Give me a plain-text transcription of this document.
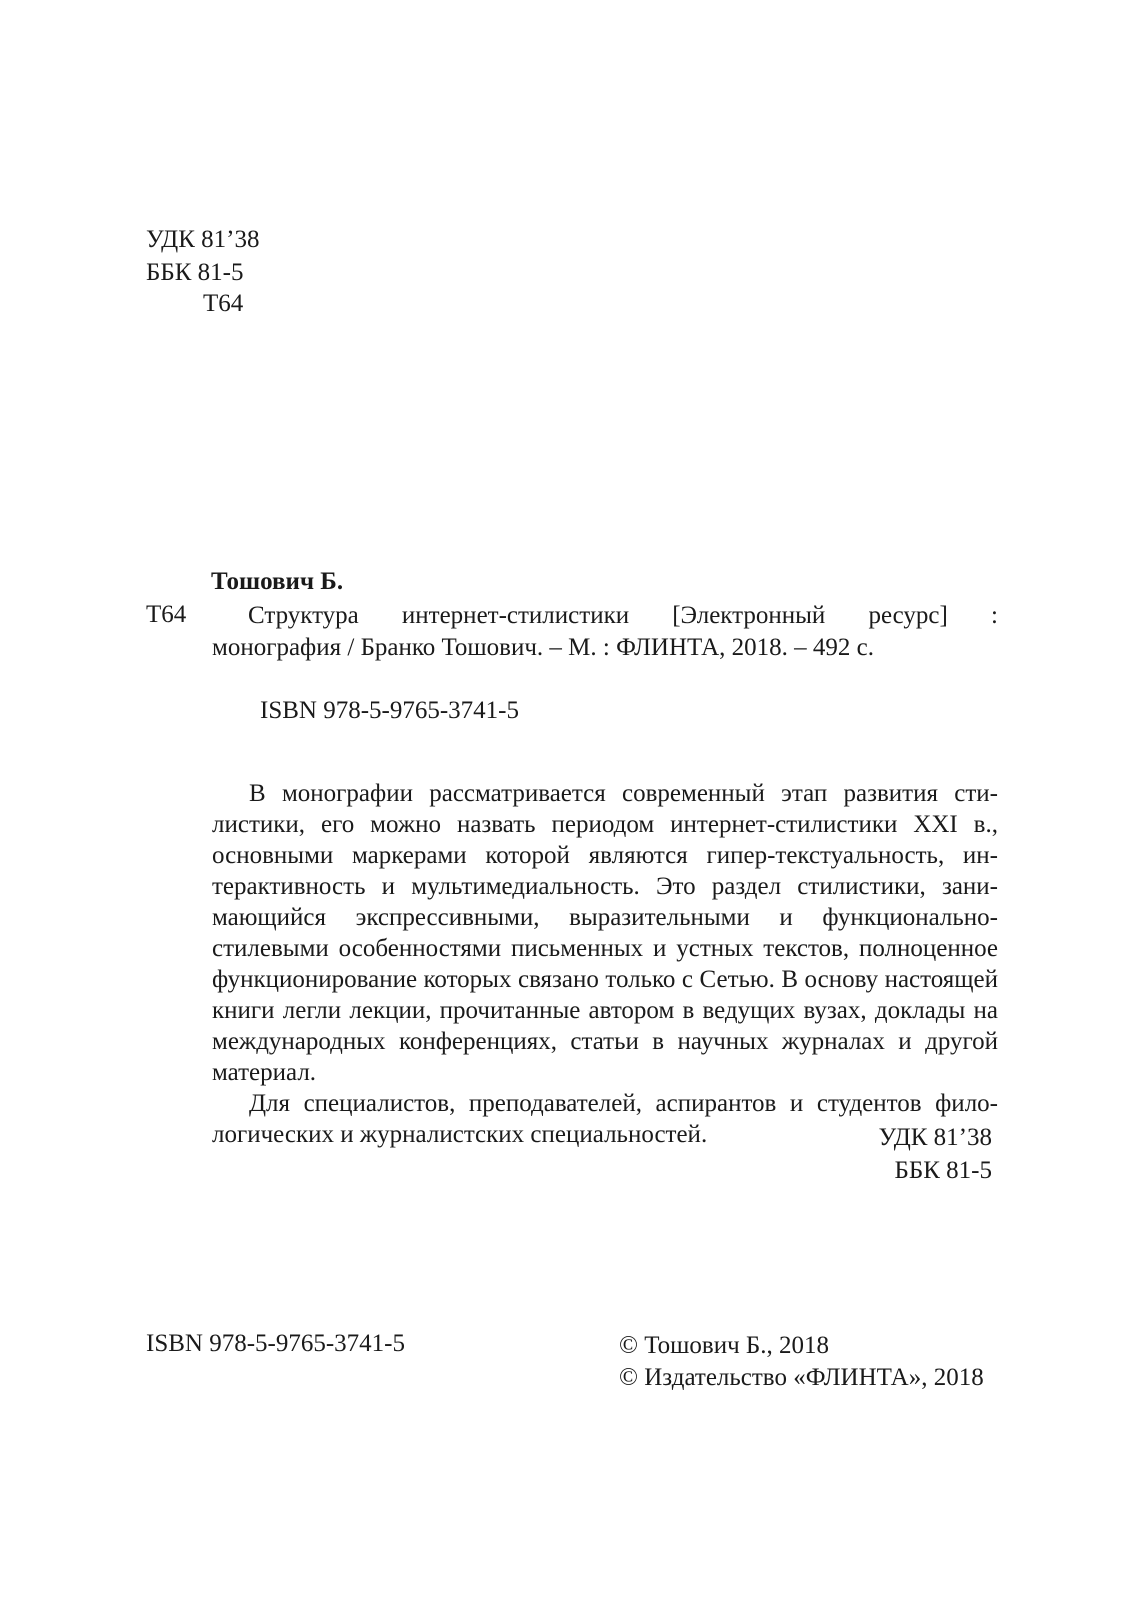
УДК 81’38
ББК 81-5
Т64
Тошович Б.
Т64 Структура интернет-стилистики [Электронный ресурс] :
монография / Бранко Тошович. – М. : ФЛИНТА, 2018. – 492 с.
ISBN 978-5-9765-3741-5

В монографии рассматривается современный этап развития стилистики, его можно назвать периодом интернет-стилистики XXI в., основными маркерами которой являются гипер-текстуальность, интерактивность и мультимедиальность. Это раздел стилистики, занимающийся экспрессивными, выразительными и функционально-стилевыми особенностями письменных и устных текстов, полноценное функционирование которых связано только с Сетью. В основу настоящей книги легли лекции, прочитанные автором в ведущих вузах, доклады на международных конференциях, статьи в научных журналах и другой материал.

Для специалистов, преподавателей, аспирантов и студентов филологических и журналистских специальностей.	УДК 81’38
ББК 81-5
ISBN 978-5-9765-3741-5	© Тошович Б., 2018
© Издательство «ФЛИНТА», 2018
